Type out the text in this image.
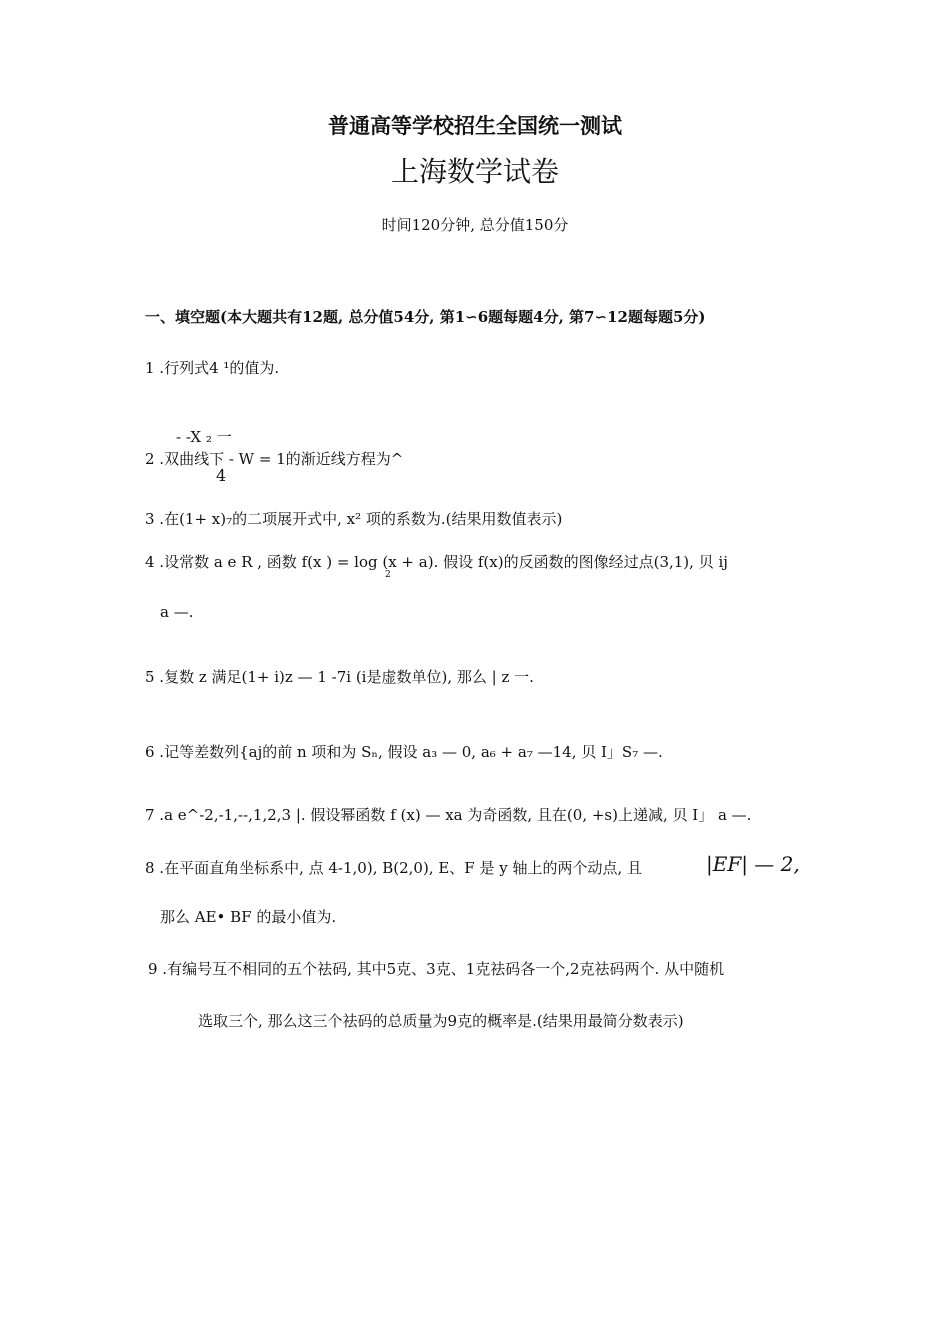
普通高等学校招生全国统一测试
上海数学试卷
时间120分钟, 总分值150分
一、填空题(本大题共有12题, 总分值54分, 第1∽6题每题4分, 第7∽12题每题5分)
1 .行列式4 ¹的值为.
- -X ₂ 一
2 .双曲线下 - W = 1的渐近线方程为^
4
3 .在(1+ x)₇的二项展开式中, x² 项的系数为.(结果用数值表示)
4 .设常数 a e R , 函数 f(x ) = log (x + a). 假设 f(x)的反函数的图像经过点(3,1), 贝 ij
2
a —.
5 .复数 z 满足(1+ i)z — 1 -7i (i是虚数单位), 那么 | z 一.
6 .记等差数列{aj的前 n 项和为 Sₙ, 假设 a₃ — 0, a₆ + a₇ —14, 贝 I」S₇ —.
7 .a e^-2,-1,--,1,2,3 |. 假设幂函数 f (x) — xa 为奇函数, 且在(0, +s)上递减, 贝 I」 a —.
8 .在平面直角坐标系中, 点 4-1,0), B(2,0), E、F 是 y 轴上的两个动点, 且	|EF| — 2,
那么 AE• BF 的最小值为.
9 .有编号互不相同的五个祛码, 其中5克、3克、1克祛码各一个,2克祛码两个. 从中随机
选取三个, 那么这三个祛码的总质量为9克的概率是.(结果用最简分数表示)
